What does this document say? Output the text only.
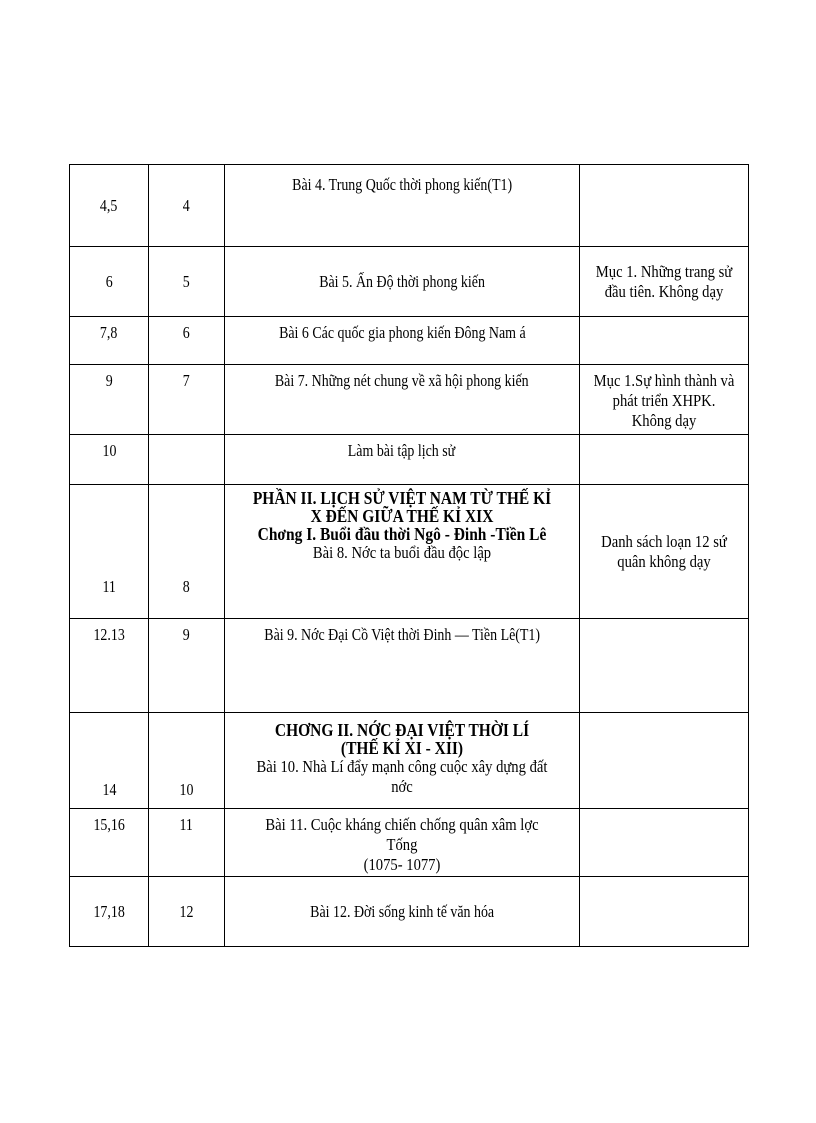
4,5	4	Bài 4. Trung Quốc thời phong kiến(T1)	

6	5	Bài 5. Ấn Độ thời phong kiến	Mục 1. Những trang sử đầu tiên. Không dạy

7,8	6	Bài 6 Các quốc gia phong kiến Đông Nam á	

9	7	Bài 7. Những nét chung về xã hội phong kiến	Mục 1.Sự hình thành và phát triển XHPK. Không dạy

10		Làm bài tập lịch sử	

11	8	PHẦN II. LỊCH SỬ VIỆT NAM TỪ THẾ KỈ X ĐẾN GIỮA THẾ KỈ XIX
Chơng I. Buổi đầu thời Ngô - Đinh -Tiền Lê
Bài 8. Nớc ta buổi đầu độc lập	Danh sách loạn 12 sứ quân không dạy

12.13	9	Bài 9. Nớc Đại Cồ Việt thời Đinh — Tiền Lê(T1)	

14	10	CHƠNG II. NỚC ĐẠI VIỆT THỜI LÍ
(THẾ KỈ XI - XII)
Bài 10. Nhà Lí đẩy mạnh công cuộc xây dựng đất nớc	

15,16	11	Bài 11. Cuộc kháng chiến chống quân xâm lợc Tống
(1075- 1077)	

17,18	12	Bài 12. Đời sống kinh tế văn hóa	
